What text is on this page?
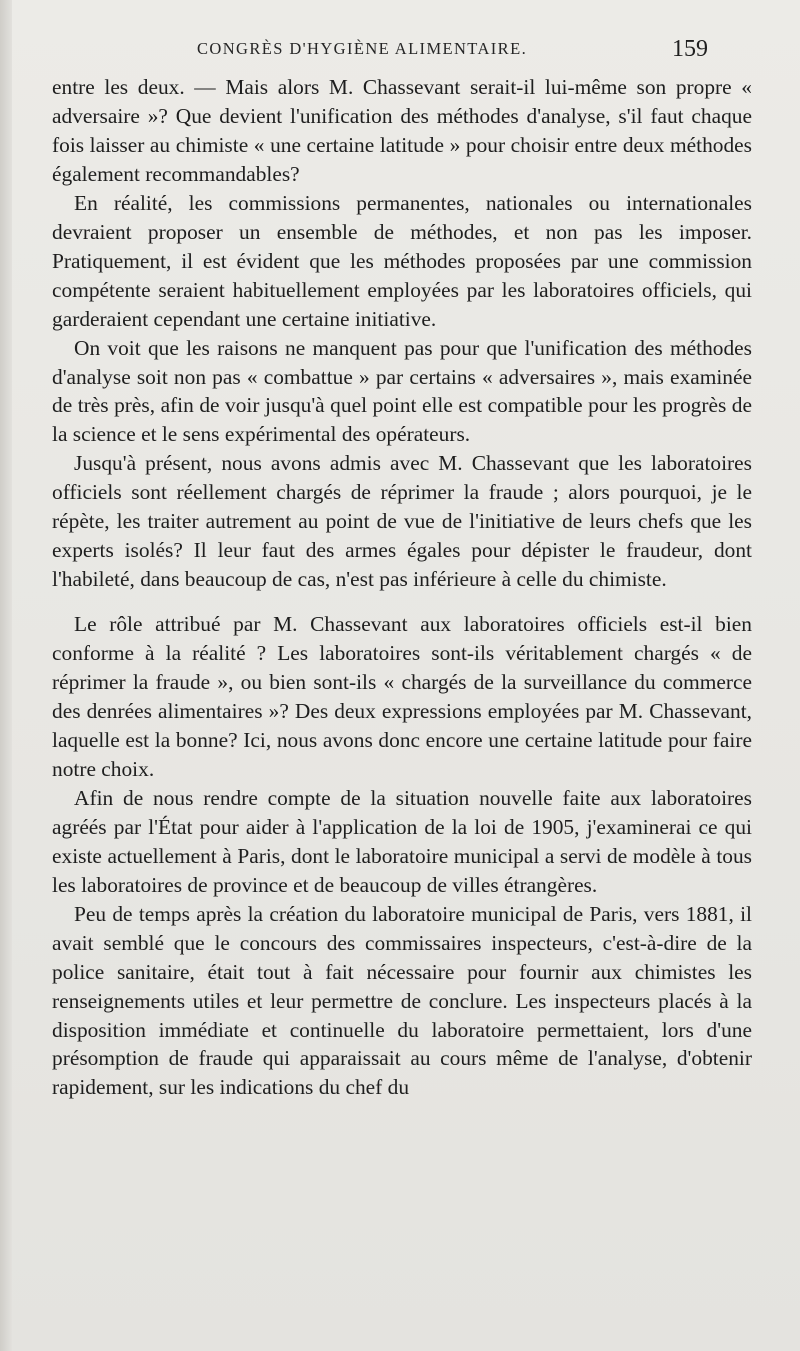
CONGRÈS D'HYGIÈNE ALIMENTAIRE.	159

entre les deux. — Mais alors M. Chassevant serait-il lui-même son propre « adversaire »? Que devient l'unification des méthodes d'analyse, s'il faut chaque fois laisser au chimiste « une certaine latitude » pour choisir entre deux méthodes également recommandables?

En réalité, les commissions permanentes, nationales ou internationales devraient proposer un ensemble de méthodes, et non pas les imposer. Pratiquement, il est évident que les méthodes proposées par une commission compétente seraient habituellement employées par les laboratoires officiels, qui garderaient cependant une certaine initiative.

On voit que les raisons ne manquent pas pour que l'unification des méthodes d'analyse soit non pas « combattue » par certains « adversaires », mais examinée de très près, afin de voir jusqu'à quel point elle est compatible pour les progrès de la science et le sens expérimental des opérateurs.

Jusqu'à présent, nous avons admis avec M. Chassevant que les laboratoires officiels sont réellement chargés de réprimer la fraude ; alors pourquoi, je le répète, les traiter autrement au point de vue de l'initiative de leurs chefs que les experts isolés? Il leur faut des armes égales pour dépister le fraudeur, dont l'habileté, dans beaucoup de cas, n'est pas inférieure à celle du chimiste.

Le rôle attribué par M. Chassevant aux laboratoires officiels est-il bien conforme à la réalité ? Les laboratoires sont-ils véritablement chargés « de réprimer la fraude », ou bien sont-ils « chargés de la surveillance du commerce des denrées alimentaires »? Des deux expressions employées par M. Chassevant, laquelle est la bonne? Ici, nous avons donc encore une certaine latitude pour faire notre choix.

Afin de nous rendre compte de la situation nouvelle faite aux laboratoires agréés par l'État pour aider à l'application de la loi de 1905, j'examinerai ce qui existe actuellement à Paris, dont le laboratoire municipal a servi de modèle à tous les laboratoires de province et de beaucoup de villes étrangères.

Peu de temps après la création du laboratoire municipal de Paris, vers 1881, il avait semblé que le concours des commissaires inspecteurs, c'est-à-dire de la police sanitaire, était tout à fait nécessaire pour fournir aux chimistes les renseignements utiles et leur permettre de conclure. Les inspecteurs placés à la disposition immédiate et continuelle du laboratoire permettaient, lors d'une présomption de fraude qui apparaissait au cours même de l'analyse, d'obtenir rapidement, sur les indications du chef du
